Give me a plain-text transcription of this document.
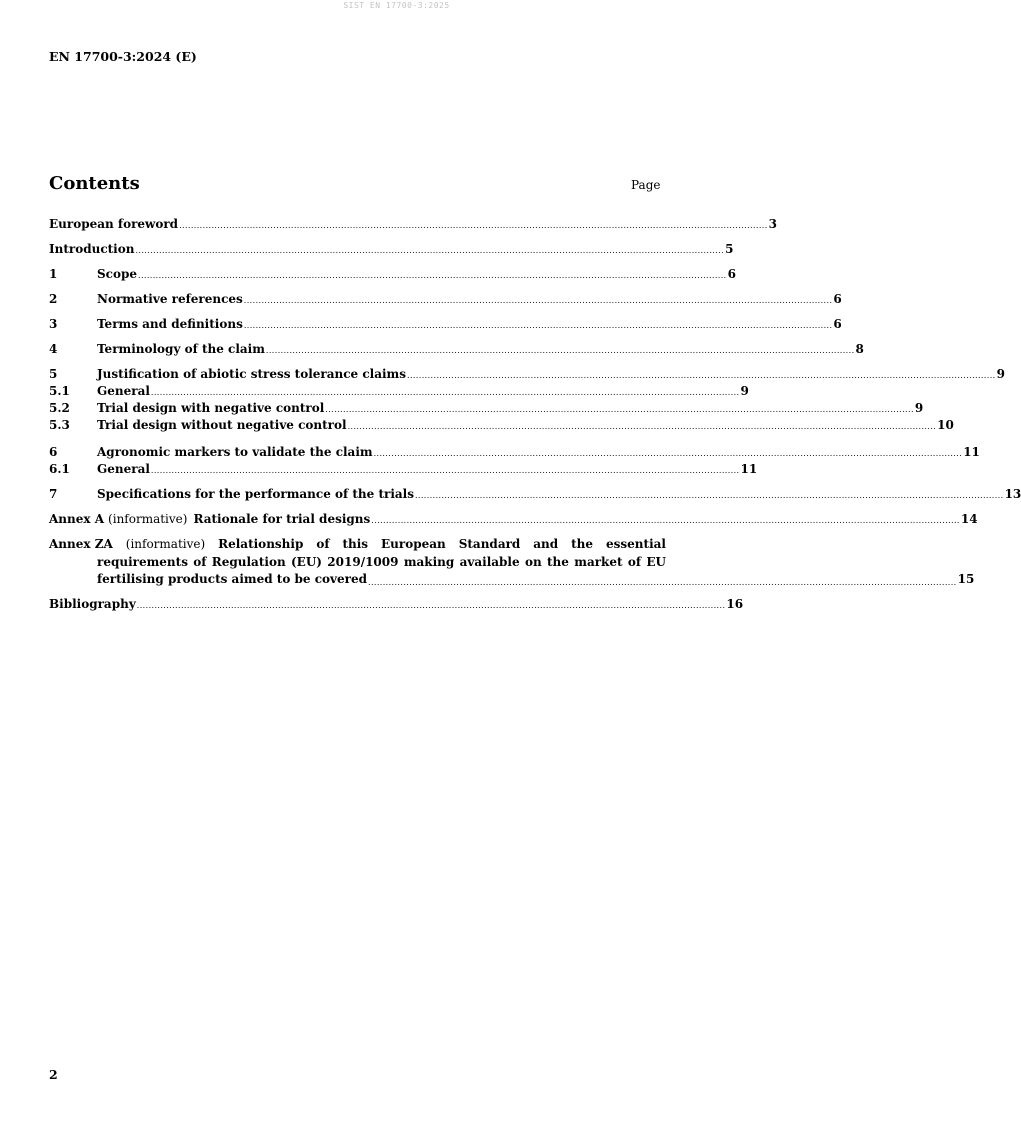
SIST EN 17700-3:2025
EN 17700-3:2024 (E)
Contents	Page
European foreword ........................................................................................................................................................................................................ 3
Introduction ........................................................................................................................................................................................................ 5
1	Scope ........................................................................................................................................................................................................ 6
2	Normative references ........................................................................................................................................................................................................ 6
3	Terms and definitions ........................................................................................................................................................................................................ 6
4	Terminology of the claim ........................................................................................................................................................................................................ 8
5	Justification of abiotic stress tolerance claims ........................................................................................................................................................................................................ 9
5.1	General ........................................................................................................................................................................................................ 9
5.2	Trial design with negative control ........................................................................................................................................................................................................ 9
5.3	Trial design without negative control ........................................................................................................................................................................................................ 10
6	Agronomic markers to validate the claim ........................................................................................................................................................................................................ 11
6.1	General ........................................................................................................................................................................................................ 11
7	Specifications for the performance of the trials ........................................................................................................................................................................................................ 13
Annex A (informative) Rationale for trial designs ........................................................................................................................................................................................................ 14
Annex ZA (informative) Relationship of this European Standard and the essential
requirements of Regulation (EU) 2019/1009 making available on the market of EU
fertilising products aimed to be covered ........................................................................................................................................................................................................ 15
Bibliography ........................................................................................................................................................................................................ 16
2
